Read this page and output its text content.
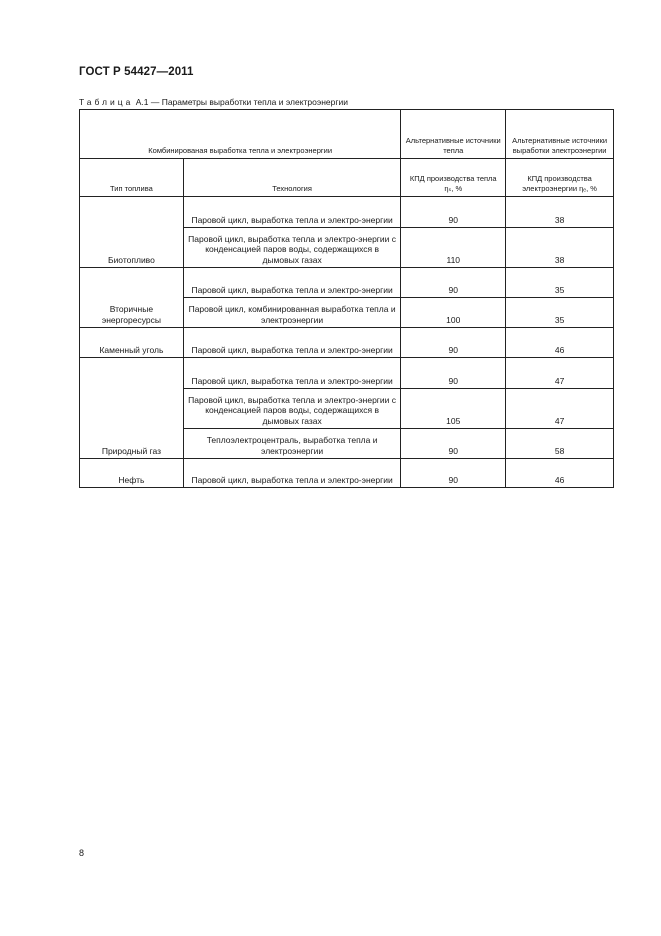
ГОСТ Р 54427—2011
Таблица А.1 — Параметры выработки тепла и электроэнергии
Комбинированая выработка тепла и электроэнергии		Альтернативные источники тепла	Альтернативные источники выработки электроэнергии
Тип топлива	Технология	КПД производства тепла ηₛ, %	КПД производства электроэнергии ηₑ, %
Биотопливо	Паровой цикл, выработка тепла и электро-энергии	90	38
	Паровой цикл, выработка тепла и электро-энергии с конденсацией паров воды, содержащихся в дымовых газах	110	38
Вторичные энергоресурсы	Паровой цикл, выработка тепла и электро-энергии	90	35
	Паровой цикл, комбинированная выработка тепла и электроэнергии	100	35
Каменный уголь	Паровой цикл, выработка тепла и электро-энергии	90	46
Природный газ	Паровой цикл, выработка тепла и электро-энергии	90	47
	Паровой цикл, выработка тепла и электро-энергии с конденсацией паров воды, содержащихся в дымовых газах	105	47
	Теплоэлектроцентраль, выработка тепла и электроэнергии	90	58
Нефть	Паровой цикл, выработка тепла и электро-энергии	90	46
8
